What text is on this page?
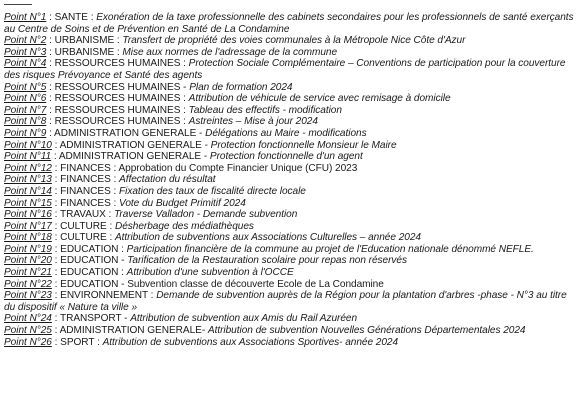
Point N°1 : SANTE : Exonération de la taxe professionnelle des cabinets secondaires pour les professionnels de santé exerçants au Centre de Soins et de Prévention en Santé de La Condamine

Point N°2 : URBANISME : Transfert de propriété des voies communales à la Métropole Nice Côte d'Azur

Point N°3 : URBANISME : Mise aux normes de l'adressage de la commune

Point N°4 : RESSOURCES HUMAINES : Protection Sociale Complémentaire – Conventions de participation pour la couverture des risques Prévoyance et Santé des agents

Point N°5 : RESSOURCES HUMAINES - Plan de formation 2024

Point N°6 : RESSOURCES HUMAINES : Attribution de véhicule de service avec remisage à domicile

Point N°7 : RESSOURCES HUMAINES : Tableau des effectifs - modification

Point N°8 : RESSOURCES HUMAINES : Astreintes – Mise à jour 2024

Point N°9 : ADMINISTRATION GENERALE - Délégations au Maire - modifications

Point N°10 : ADMINISTRATION GENERALE - Protection fonctionnelle Monsieur le Maire

Point N°11 : ADMINISTRATION GENERALE - Protection fonctionnelle d'un agent

Point N°12 : FINANCES : Approbation du Compte Financier Unique (CFU) 2023

Point N°13 : FINANCES : Affectation du résultat

Point N°14 : FINANCES : Fixation des taux de fiscalité directe locale

Point N°15 : FINANCES : Vote du Budget Primitif 2024

Point N°16 : TRAVAUX : Traverse Valladon - Demande subvention

Point N°17 : CULTURE : Désherbage des médiathèques

Point N°18 : CULTURE : Attribution de subventions aux Associations Culturelles – année 2024

Point N°19 : EDUCATION : Participation financière de la commune au projet de l'Education nationale dénommé NEFLE.

Point N°20 : EDUCATION - Tarification de la Restauration scolaire pour repas non réservés

Point N°21 : EDUCATION : Attribution d'une subvention à l'OCCE

Point N°22 : EDUCATION - Subvention classe de découverte Ecole de La Condamine

Point N°23 : ENVIRONNEMENT : Demande de subvention auprès de la Région pour la plantation d'arbres -phase - N°3 au titre du dispositif « Nature ta ville »

Point N°24 : TRANSPORT - Attribution de subvention aux Amis du Rail Azuréen

Point N°25 : ADMINISTRATION GENERALE- Attribution de subvention Nouvelles Générations Départementales 2024

Point N°26 : SPORT : Attribution de subventions aux Associations Sportives- année 2024
